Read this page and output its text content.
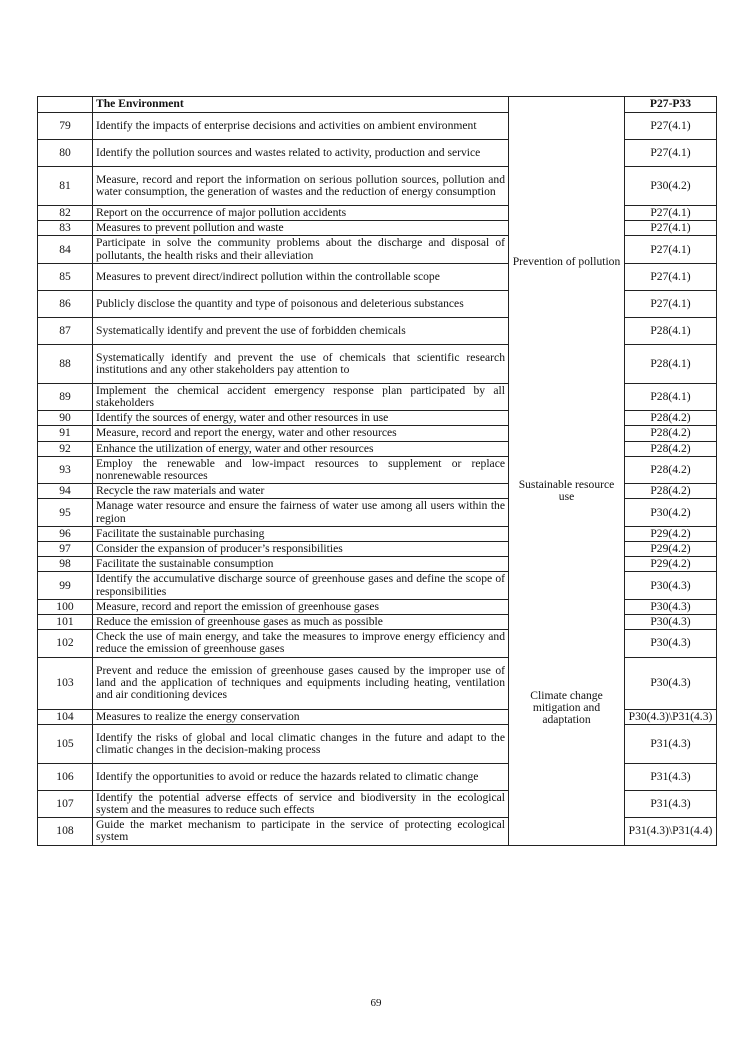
	The Environment		P27-P33
79	Identify the impacts of enterprise decisions and activities on ambient environment	Prevention of pollution	P27(4.1)
80	Identify the pollution sources and wastes related to activity, production and service		P27(4.1)
81	Measure, record and report the information on serious pollution sources, pollution and water consumption, the generation of wastes and the reduction of energy consumption		P30(4.2)
82	Report on the occurrence of major pollution accidents		P27(4.1)
83	Measures to prevent pollution and waste		P27(4.1)
84	Participate in solve the community problems about the discharge and disposal of pollutants, the health risks and their alleviation		P27(4.1)
85	Measures to prevent direct/indirect pollution within the controllable scope		P27(4.1)
86	Publicly disclose the quantity and type of poisonous and deleterious substances		P27(4.1)
87	Systematically identify and prevent the use of forbidden chemicals		P28(4.1)
88	Systematically identify and prevent the use of chemicals that scientific research institutions and any other stakeholders pay attention to		P28(4.1)
89	Implement the chemical accident emergency response plan participated by all stakeholders		P28(4.1)
90	Identify the sources of energy, water and other resources in use	Sustainable resource use	P28(4.2)
91	Measure, record and report the energy, water and other resources		P28(4.2)
92	Enhance the utilization of energy, water and other resources		P28(4.2)
93	Employ the renewable and low-impact resources to supplement or replace nonrenewable resources		P28(4.2)
94	Recycle the raw materials and water		P28(4.2)
95	Manage water resource and ensure the fairness of water use among all users within the region		P30(4.2)
96	Facilitate the sustainable purchasing		P29(4.2)
97	Consider the expansion of producer’s responsibilities		P29(4.2)
98	Facilitate the sustainable consumption		P29(4.2)
99	Identify the accumulative discharge source of greenhouse gases and define the scope of responsibilities	Climate change mitigation and adaptation	P30(4.3)
100	Measure, record and report the emission of greenhouse gases		P30(4.3)
101	Reduce the emission of greenhouse gases as much as possible		P30(4.3)
102	Check the use of main energy, and take the measures to improve energy efficiency and reduce the emission of greenhouse gases		P30(4.3)
103	Prevent and reduce the emission of greenhouse gases caused by the improper use of land and the application of techniques and equipments including heating, ventilation and air conditioning devices		P30(4.3)
104	Measures to realize the energy conservation		P30(4.3)\P31(4.3)
105	Identify the risks of global and local climatic changes in the future and adapt to the climatic changes in the decision-making process		P31(4.3)
106	Identify the opportunities to avoid or reduce the hazards related to climatic change		P31(4.3)
107	Identify the potential adverse effects of service and biodiversity in the ecological system and the measures to reduce such effects		P31(4.3)
108	Guide the market mechanism to participate in the service of protecting ecological system		P31(4.3)\P31(4.4)
69
